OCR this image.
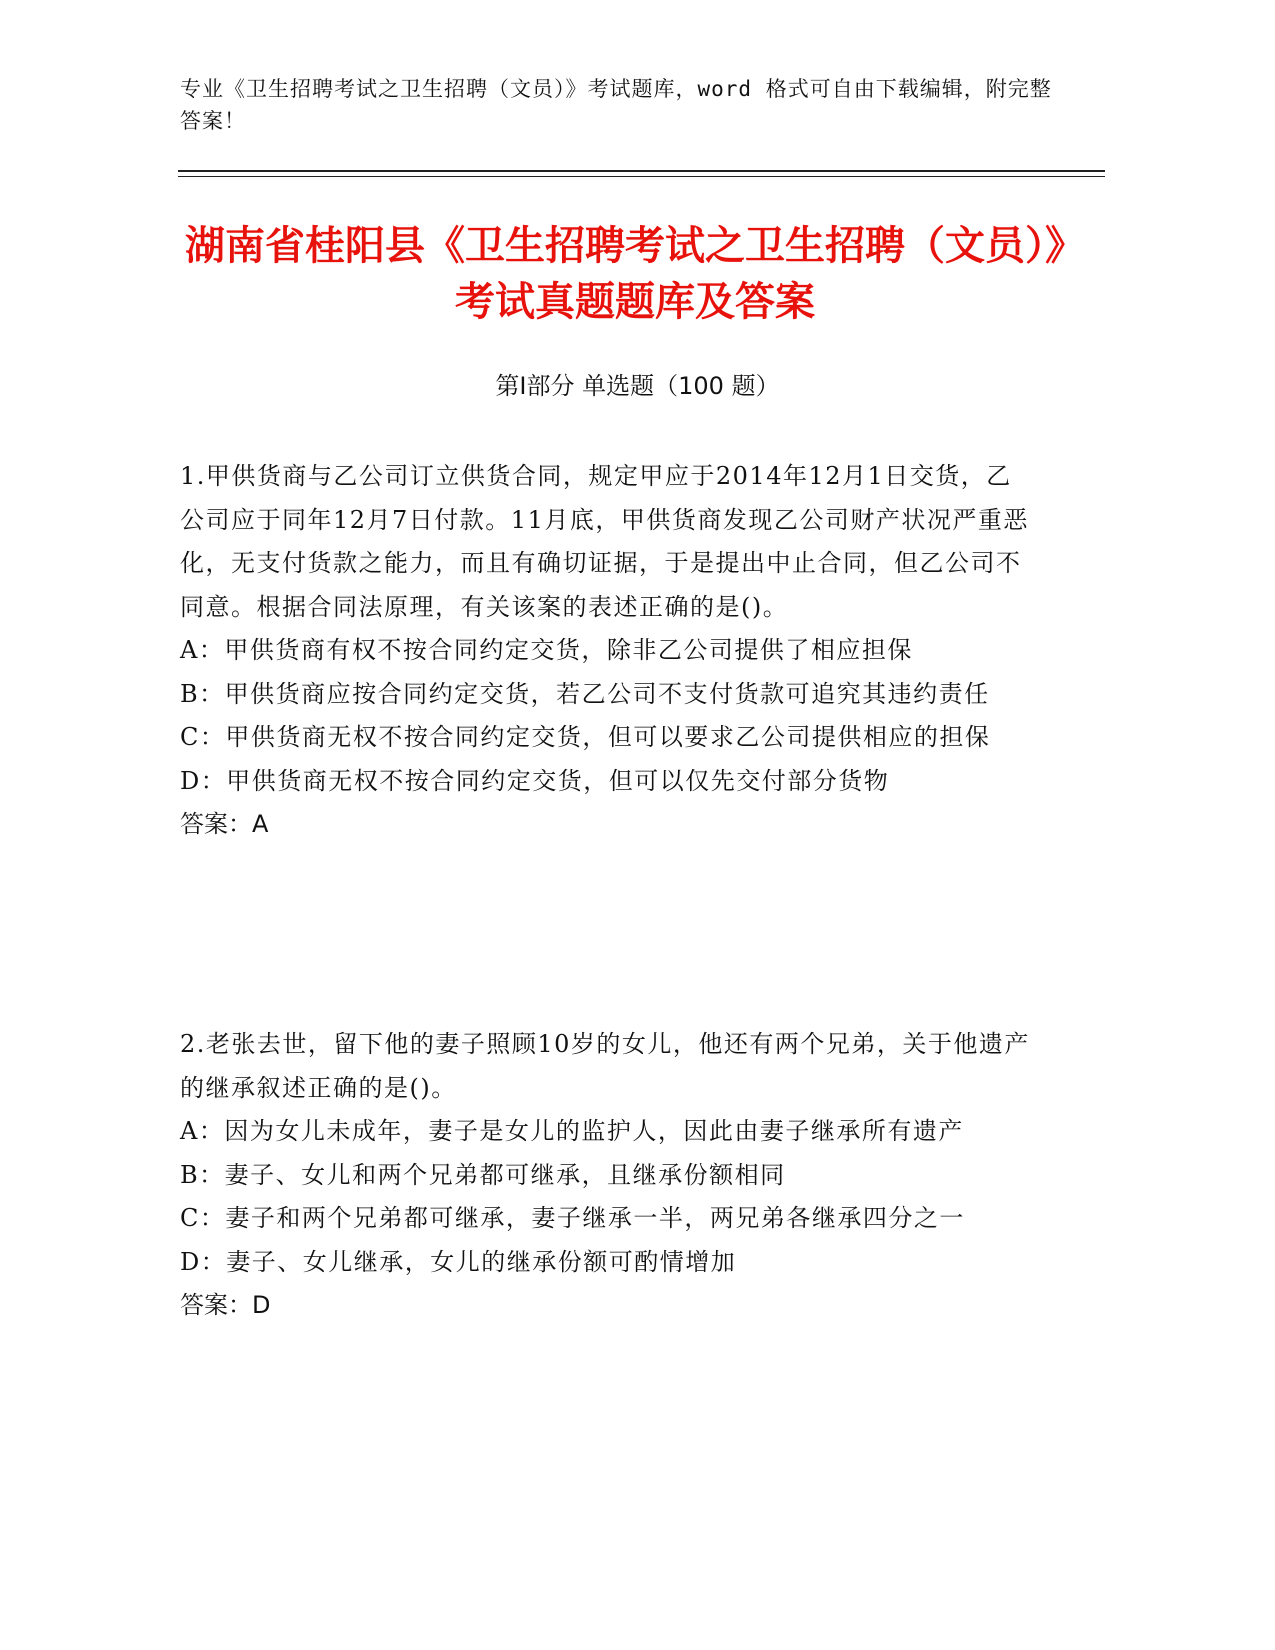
专业《卫生招聘考试之卫生招聘（文员）》考试题库，word 格式可自由下载编辑，附完整答案！
湖南省桂阳县《卫生招聘考试之卫生招聘（文员）》考试真题题库及答案
第Ⅰ部分 单选题（100 题）

1.甲供货商与乙公司订立供货合同，规定甲应于2014年12月1日交货，乙公司应于同年12月7日付款。11月底，甲供货商发现乙公司财产状况严重恶化，无支付货款之能力，而且有确切证据，于是提出中止合同，但乙公司不同意。根据合同法原理，有关该案的表述正确的是()。

A：甲供货商有权不按合同约定交货，除非乙公司提供了相应担保

B：甲供货商应按合同约定交货，若乙公司不支付货款可追究其违约责任

C：甲供货商无权不按合同约定交货，但可以要求乙公司提供相应的担保

D：甲供货商无权不按合同约定交货，但可以仅先交付部分货物

答案：A

2.老张去世，留下他的妻子照顾10岁的女儿，他还有两个兄弟，关于他遗产的继承叙述正确的是()。

A：因为女儿未成年，妻子是女儿的监护人，因此由妻子继承所有遗产

B：妻子、女儿和两个兄弟都可继承，且继承份额相同

C：妻子和两个兄弟都可继承，妻子继承一半，两兄弟各继承四分之一

D：妻子、女儿继承，女儿的继承份额可酌情增加

答案：D
